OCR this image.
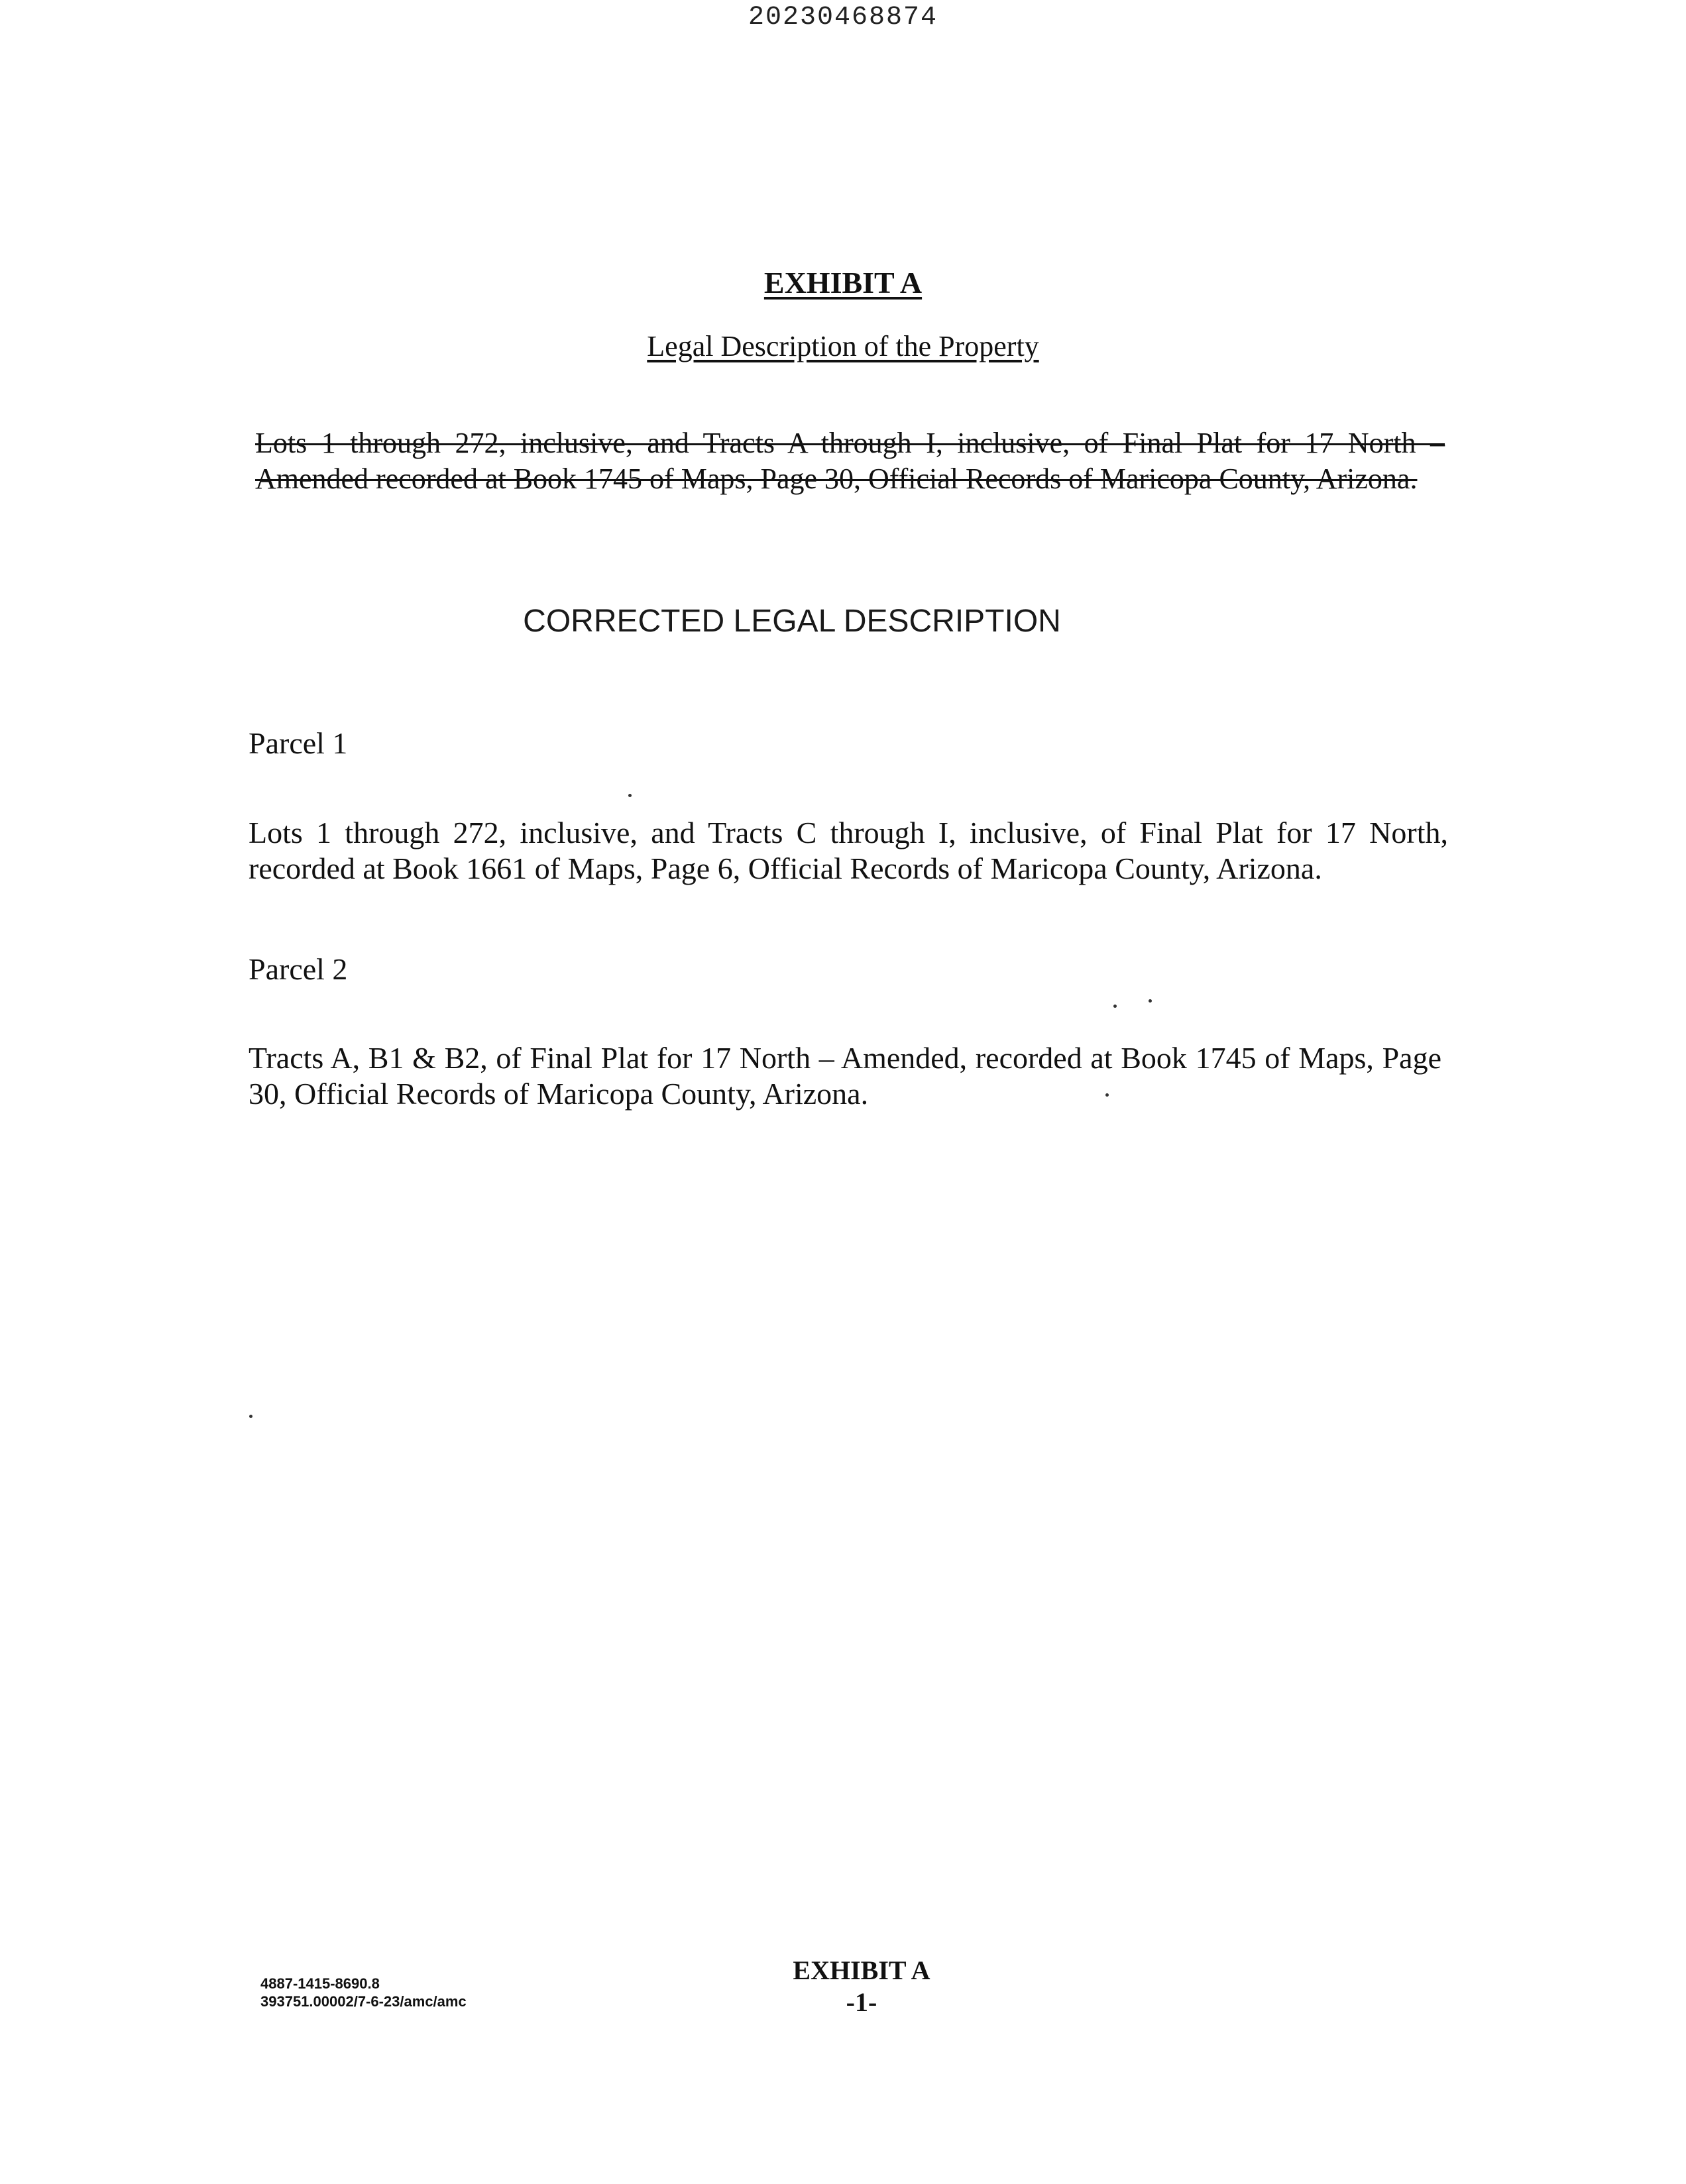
20230468874
EXHIBIT A
Legal Description of the Property
Lots 1 through 272, inclusive, and Tracts A through I, inclusive, of Final Plat for 17 North – Amended recorded at Book 1745 of Maps, Page 30, Official Records of Maricopa County, Arizona.
CORRECTED LEGAL DESCRIPTION
Parcel 1
Lots 1 through 272, inclusive, and Tracts C through I, inclusive, of Final Plat for 17 North, recorded at Book 1661 of Maps, Page 6, Official Records of Maricopa County, Arizona.
Parcel 2
Tracts A, B1 & B2, of Final Plat for 17 North – Amended, recorded at Book 1745 of Maps, Page 30, Official Records of Maricopa County, Arizona.
4887-1415-8690.8
393751.00002/7-6-23/amc/amc
EXHIBIT A
-1-
